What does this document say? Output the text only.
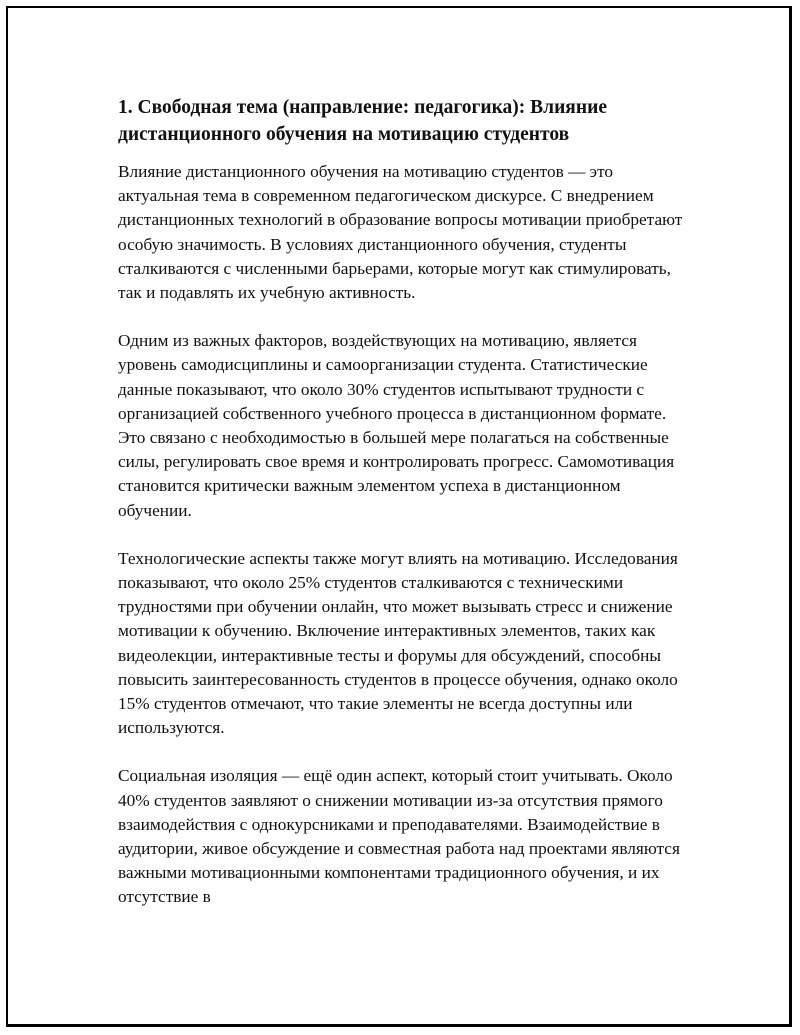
1. Свободная тема (направление: педагогика): Влияние дистанционного обучения на мотивацию студентов

Влияние дистанционного обучения на мотивацию студентов — это актуальная тема в современном педагогическом дискурсе. С внедрением дистанционных технологий в образование вопросы мотивации приобретают особую значимость. В условиях дистанционного обучения, студенты сталкиваются с численными барьерами, которые могут как стимулировать, так и подавлять их учебную активность.

Одним из важных факторов, воздействующих на мотивацию, является уровень самодисциплины и самоорганизации студента. Статистические данные показывают, что около 30% студентов испытывают трудности с организацией собственного учебного процесса в дистанционном формате. Это связано с необходимостью в большей мере полагаться на собственные силы, регулировать свое время и контролировать прогресс. Самомотивация становится критически важным элементом успеха в дистанционном обучении.

Технологические аспекты также могут влиять на мотивацию. Исследования показывают, что около 25% студентов сталкиваются с техническими трудностями при обучении онлайн, что может вызывать стресс и снижение мотивации к обучению. Включение интерактивных элементов, таких как видеолекции, интерактивные тесты и форумы для обсуждений, способны повысить заинтересованность студентов в процессе обучения, однако около 15% студентов отмечают, что такие элементы не всегда доступны или используются.

Социальная изоляция — ещё один аспект, который стоит учитывать. Около 40% студентов заявляют о снижении мотивации из-за отсутствия прямого взаимодействия с однокурсниками и преподавателями. Взаимодействие в аудитории, живое обсуждение и совместная работа над проектами являются важными мотивационными компонентами традиционного обучения, и их отсутствие в
